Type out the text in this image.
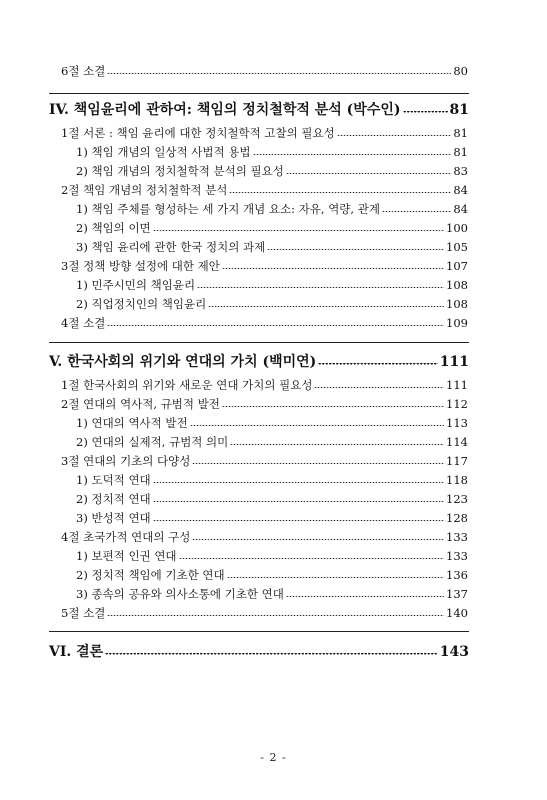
6절 소결	80
IV. 책임윤리에 관하여: 책임의 정치철학적 분석 (박수인)	81
1절 서론 : 책임 윤리에 대한 정치철학적 고찰의 필요성	81
1) 책임 개념의 일상적 사법적 용법	81
2) 책임 개념의 정치철학적 분석의 필요성	83
2절 책임 개념의 정치철학적 분석	84
1) 책임 주체를 형성하는 세 가지 개념 요소: 자유, 역량, 관계	84
2) 책임의 이면	100
3) 책임 윤리에 관한 한국 정치의 과제	105
3절 정책 방향 설정에 대한 제안	107
1) 민주시민의 책임윤리	108
2) 직업정치인의 책임윤리	108
4절 소결	109
V. 한국사회의 위기와 연대의 가치 (백미연)	111
1절 한국사회의 위기와 새로운 연대 가치의 필요성	111
2절 연대의 역사적, 규범적 발전	112
1) 연대의 역사적 발전	113
2) 연대의 실제적, 규범적 의미	114
3절 연대의 기초의 다양성	117
1) 도덕적 연대	118
2) 정치적 연대	123
3) 반성적 연대	128
4절 초국가적 연대의 구성	133
1) 보편적 인권 연대	133
2) 정치적 책임에 기초한 연대	136
3) 종속의 공유와 의사소통에 기초한 연대	137
5절 소결	140
VI. 결론	143
- 2 -
